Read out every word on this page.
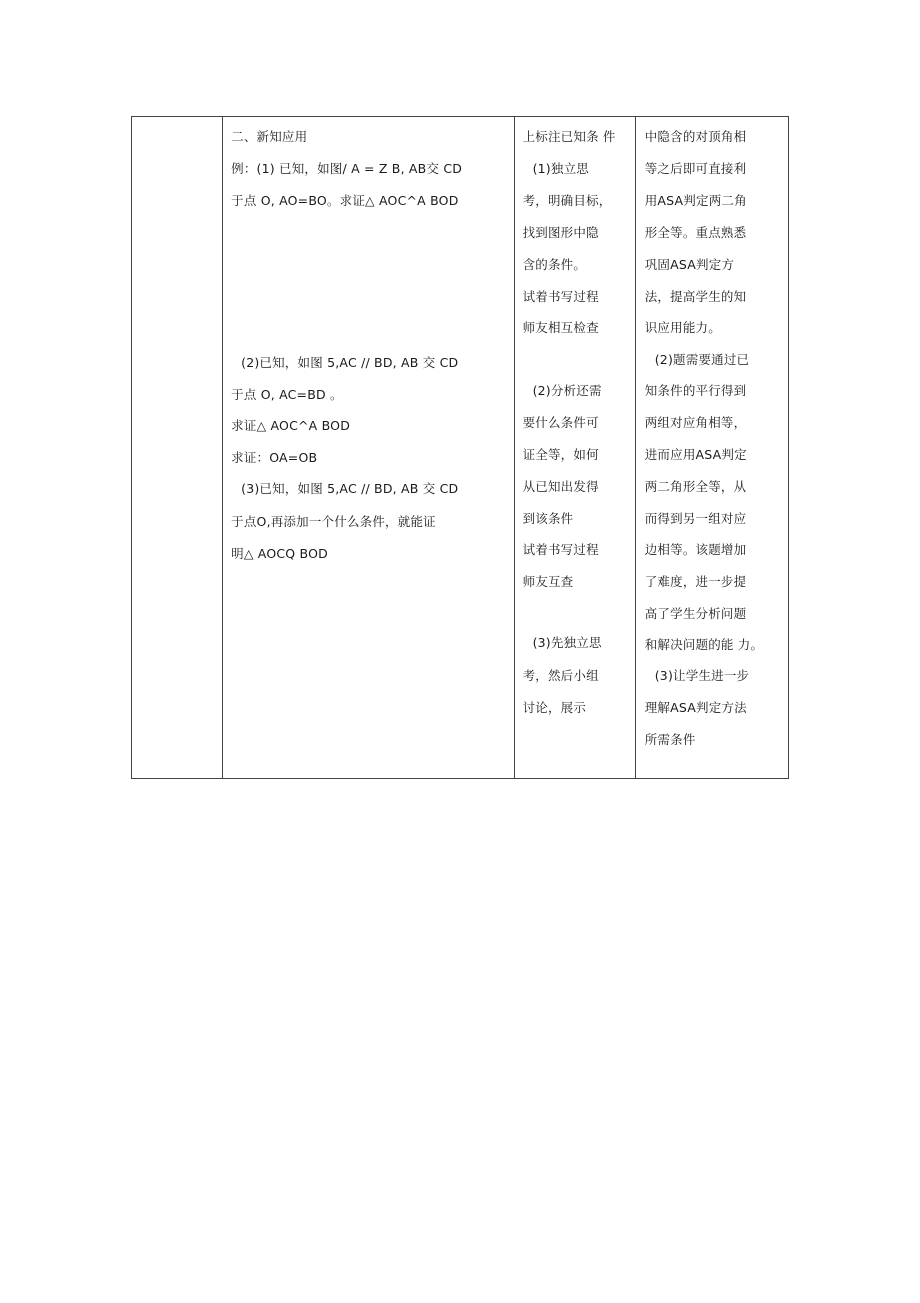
二、新知应用
例：(1) 已知，如图/ A = Z B, AB交 CD
于点 O, AO=BO。求证△ AOC^A BOD
(2)已知，如图 5,AC // BD, AB 交 CD
于点 O, AC=BD 。
求证△ AOC^A BOD
求证：OA=OB
(3)已知，如图 5,AC // BD, AB 交 CD
于点O,再添加一个什么条件，就能证
明△ AOCQ BOD

上标注已知条 件
(1)独立思
考，明确目标，
找到图形中隐
含的条件。
试着书写过程
师友相互检查
(2)分析还需
要什么条件可
证全等，如何
从已知出发得
到该条件
试着书写过程
师友互查
(3)先独立思
考，然后小组
讨论，展示

中隐含的对顶角相
等之后即可直接利
用ASA判定两二角
形全等。重点熟悉
巩固ASA判定方
法，提高学生的知
识应用能力。
(2)题需要通过已
知条件的平行得到
两组对应角相等，
进而应用ASA判定
两二角形全等，从
而得到另一组对应
边相等。该题增加
了难度，进一步提
高了学生分析问题
和解决问题的能 力。
(3)让学生进一步
理解ASA判定方法
所需条件
